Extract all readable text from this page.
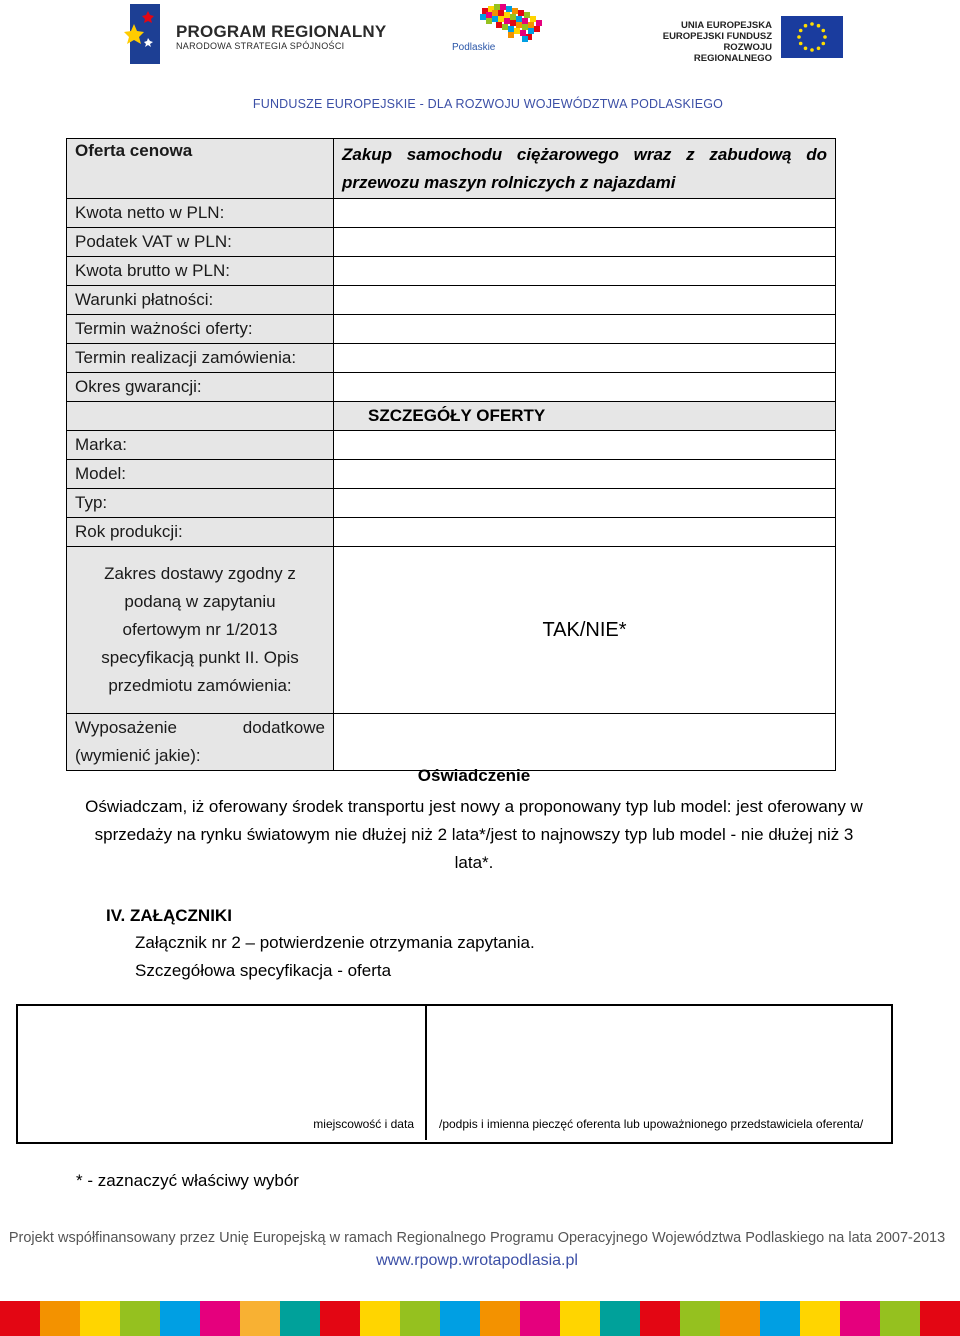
PROGRAM REGIONALNY
NARODOWA STRATEGIA SPÓJNOŚCI	Podlaskie
UNIA EUROPEJSKA
EUROPEJSKI FUNDUSZ
ROZWOJU REGIONALNEGO
FUNDUSZE EUROPEJSKIE - DLA ROZWOJU WOJEWÓDZTWA PODLASKIEGO
Oferta cenowa	Zakup samochodu ciężarowego wraz z zabudową do przewozu maszyn rolniczych z najazdami
Kwota netto w PLN:	
Podatek VAT w PLN:	
Kwota brutto w PLN:	
Warunki płatności:	
Termin ważności oferty:	
Termin realizacji zamówienia:	
Okres gwarancji:	
	SZCZEGÓŁY OFERTY
Marka:	
Model:	
Typ:	
Rok produkcji:	
Zakres dostawy zgodny z podaną w zapytaniu ofertowym nr 1/2013 specyfikacją punkt II. Opis przedmiotu zamówienia:	TAK/NIE*

Wyposażenie dodatkowe
(wymienić jakie):	

Oświadczenie
Oświadczam, iż oferowany środek transportu jest nowy a proponowany typ lub model: jest oferowany w sprzedaży na rynku światowym nie dłużej niż 2 lata*/jest to najnowszy typ lub model - nie dłużej niż 3 lata*.
IV. ZAŁĄCZNIKI
Załącznik nr 2 – potwierdzenie otrzymania zapytania.
Szczegółowa specyfikacja - oferta
miejscowość i data /podpis i imienna pieczęć oferenta lub upoważnionego przedstawiciela oferenta/
* - zaznaczyć właściwy wybór
Projekt współfinansowany przez Unię Europejską w ramach Regionalnego Programu Operacyjnego Województwa Podlaskiego na lata 2007-2013
www.rpowp.wrotapodlasia.pl
